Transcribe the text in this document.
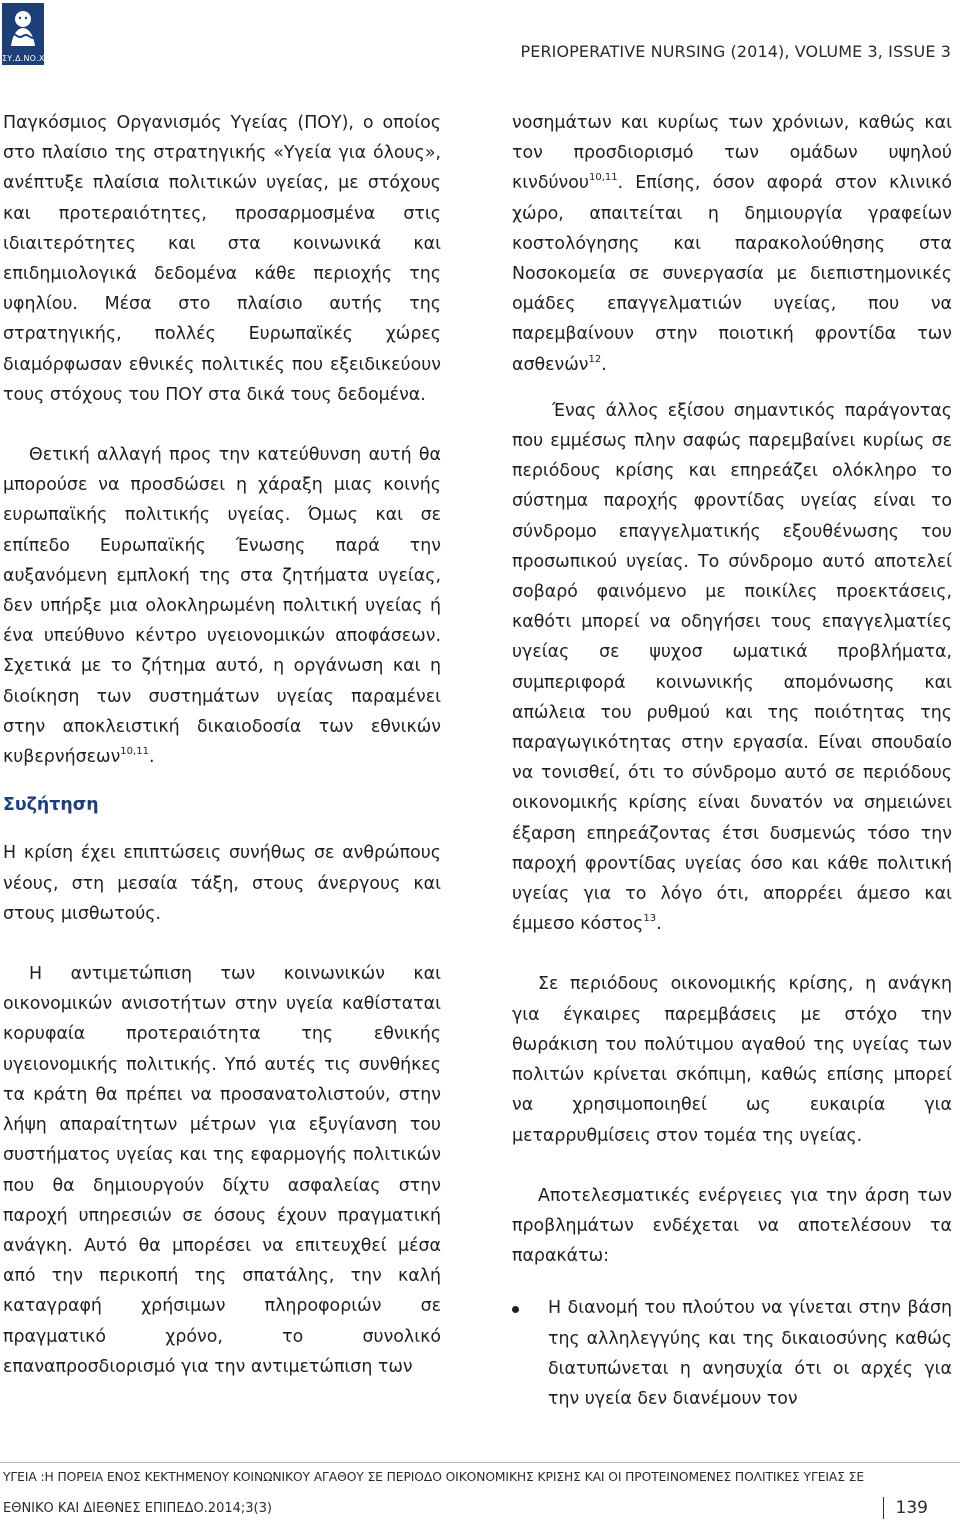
ΣΥ.Δ.ΝΟ.Χ	PERIOPERATIVE NURSING (2014), VOLUME 3, ISSUE 3

Παγκόσμιος Οργανισμός Υγείας (ΠΟΥ), ο οποίος στο πλαίσιο της στρατηγικής «Υγεία για όλους», ανέπτυξε πλαίσια πολιτικών υγείας, με στόχους και προτεραιότητες, προσαρμοσμένα στις ιδιαιτερότητες και στα κοινωνικά και επιδημιολογικά δεδομένα κάθε περιοχής της υφηλίου. Μέσα στο πλαίσιο αυτής της στρατηγικής, πολλές Ευρωπαϊκές χώρες διαμόρφωσαν εθνικές πολιτικές που εξειδικεύουν τους στόχους του ΠΟΥ στα δικά τους δεδομένα.

Θετική αλλαγή προς την κατεύθυνση αυτή θα μπορούσε να προσδώσει η χάραξη μιας κοινής ευρωπαϊκής πολιτικής υγείας. Όμως και σε επίπεδο Ευρωπαϊκής Ένωσης παρά την αυξανόμενη εμπλοκή της στα ζητήματα υγείας, δεν υπήρξε μια ολοκληρωμένη πολιτική υγείας ή ένα υπεύθυνο κέντρο υγειονομικών αποφάσεων. Σχετικά με το ζήτημα αυτό, η οργάνωση και η διοίκηση των συστημάτων υγείας παραμένει στην αποκλειστική δικαιοδοσία των εθνικών κυβερνήσεων$^{10,11}$.

Συζήτηση

Η κρίση έχει επιπτώσεις συνήθως σε ανθρώπους νέους, στη μεσαία τάξη, στους άνεργους και στους μισθωτούς.

Η αντιμετώπιση των κοινωνικών και οικονομικών ανισοτήτων στην υγεία καθίσταται κορυφαία προτεραιότητα της εθνικής υγειονομικής πολιτικής. Υπό αυτές τις συνθήκες τα κράτη θα πρέπει να προσανατολιστούν, στην λήψη απαραίτητων μέτρων για εξυγίανση του συστήματος υγείας και της εφαρμογής πολιτικών που θα δημιουργούν δίχτυ ασφαλείας στην παροχή υπηρεσιών σε όσους έχουν πραγματική ανάγκη. Αυτό θα μπορέσει να επιτευχθεί μέσα από την περικοπή της σπατάλης, την καλή καταγραφή χρήσιμων πληροφοριών σε πραγματικό χρόνο, το συνολικό επαναπροσδιορισμό για την αντιμετώπιση των

νοσημάτων και κυρίως των χρόνιων, καθώς και τον προσδιορισμό των ομάδων υψηλού κινδύνου$^{10,11}$. Επίσης, όσον αφορά στον κλινικό χώρο, απαιτείται η δημιουργία γραφείων κοστολόγησης και παρακολούθησης στα Νοσοκομεία σε συνεργασία με διεπιστημονικές ομάδες επαγγελματιών υγείας, που να παρεμβαίνουν στην ποιοτική φροντίδα των ασθενών$^{12}$.

Ένας άλλος εξίσου σημαντικός παράγοντας που εμμέσως πλην σαφώς παρεμβαίνει κυρίως σε περιόδους κρίσης και επηρεάζει ολόκληρο το σύστημα παροχής φροντίδας υγείας είναι το σύνδρομο επαγγελματικής εξουθένωσης του προσωπικού υγείας. Το σύνδρομο αυτό αποτελεί σοβαρό φαινόμενο με ποικίλες προεκτάσεις, καθότι μπορεί να οδηγήσει τους επαγγελματίες υγείας σε ψυχοσ ωματικά προβλήματα, συμπεριφορά κοινωνικής απομόνωσης και απώλεια του ρυθμού και της ποιότητας της παραγωγικότητας στην εργασία. Είναι σπουδαίο να τονισθεί, ότι το σύνδρομο αυτό σε περιόδους οικονομικής κρίσης είναι δυνατόν να σημειώνει έξαρση επηρεάζοντας έτσι δυσμενώς τόσο την παροχή φροντίδας υγείας όσο και κάθε πολιτική υγείας για το λόγο ότι, απορρέει άμεσο και έμμεσο κόστος$^{13}$.

Σε περιόδους οικονομικής κρίσης, η ανάγκη για έγκαιρες παρεμβάσεις με στόχο την θωράκιση του πολύτιμου αγαθού της υγείας των πολιτών κρίνεται σκόπιμη, καθώς επίσης μπορεί να χρησιμοποιηθεί ως ευκαιρία για μεταρρυθμίσεις στον τομέα της υγείας.

Αποτελεσματικές ενέργειες για την άρση των προβλημάτων ενδέχεται να αποτελέσουν τα παρακάτω:

Η διανομή του πλούτου να γίνεται στην βάση της αλληλεγγύης και της δικαιοσύνης καθώς διατυπώνεται η ανησυχία ότι οι αρχές για την υγεία δεν διανέμουν τον
ΥΓΕΙΑ :Η ΠΟΡΕΙΑ ΕΝΟΣ ΚΕΚΤΗΜΕΝΟΥ ΚΟΙΝΩΝΙΚΟΥ ΑΓΑΘΟΥ ΣΕ ΠΕΡΙΟΔΟ ΟΙΚΟΝΟΜΙΚΗΣ ΚΡΙΣΗΣ ΚΑΙ ΟΙ ΠΡΟΤΕΙΝΟΜΕΝΕΣ ΠΟΛΙΤΙΚΕΣ ΥΓΕΙΑΣ ΣΕ
ΕΘΝΙΚΟ ΚΑΙ ΔΙΕΘΝΕΣ ΕΠΙΠΕΔΟ.2014;3(3)	139
